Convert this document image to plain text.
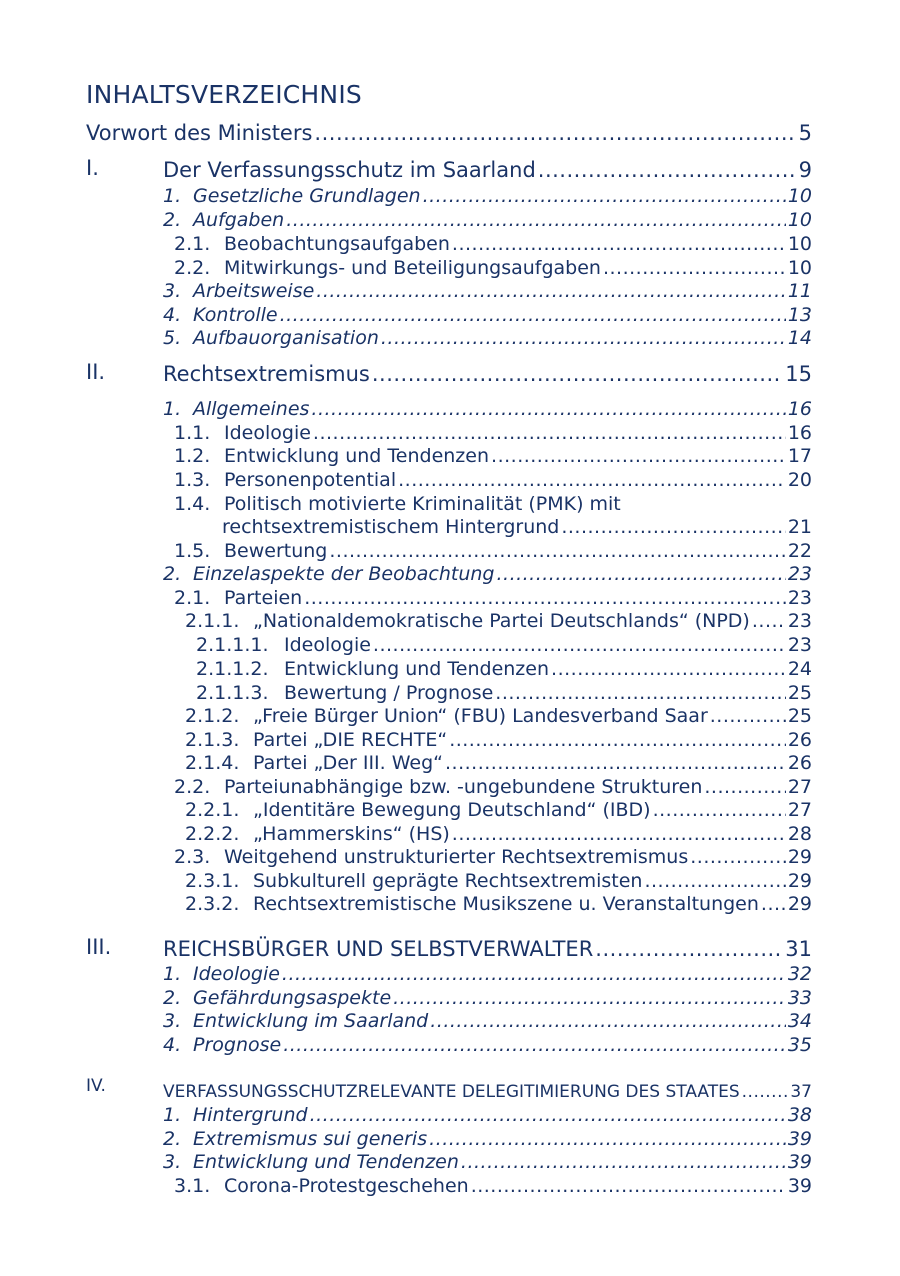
INHALTSVERZEICHNIS
Vorwort des Ministers .....	5
I.	Der Verfassungsschutz im Saarland .....	9
1. Gesetzliche Grundlagen .....	10
2. Aufgaben .....	10
2.1. Beobachtungsaufgaben .....	10
2.2. Mitwirkungs- und Beteiligungsaufgaben .....	10
3. Arbeitsweise .....	11
4. Kontrolle .....	13
5. Aufbauorganisation .....	14
II.	Rechtsextremismus .....	15
1. Allgemeines .....	16
1.1. Ideologie .....	16
1.2. Entwicklung und Tendenzen .....	17
1.3. Personenpotential .....	20
1.4. Politisch motivierte Kriminalität (PMK) mit
rechtsextremistischem Hintergrund .....	21
1.5. Bewertung .....	22
2. Einzelaspekte der Beobachtung .....	23
2.1. Parteien .....	23
2.1.1. „Nationaldemokratische Partei Deutschlands“ (NPD) ..... 23
2.1.1.1. Ideologie .....	23
2.1.1.2. Entwicklung und Tendenzen .....	24
2.1.1.3. Bewertung / Prognose .....	25
2.1.2. „Freie Bürger Union“ (FBU) Landesverband Saar .....	25
2.1.3. Partei „DIE RECHTE“ .....	26
2.1.4. Partei „Der III. Weg“ .....	26
2.2. Parteiunabhängige bzw. -ungebundene Strukturen .....	27
2.2.1. „Identitäre Bewegung Deutschland“ (IBD) .....	27
2.2.2. „Hammerskins“ (HS) .....	28
2.3. Weitgehend unstrukturierter Rechtsextremismus .....	29
2.3.1. Subkulturell geprägte Rechtsextremisten .....	29
2.3.2. Rechtsextremistische Musikszene u. Veranstaltungen ..... 29
III. REICHSBÜRGER UND SELBSTVERWALTER .....	31
1. Ideologie .....	32
2. Gefährdungsaspekte .....	33
3. Entwicklung im Saarland .....	34
4. Prognose .....	35
IV.	VERFASSUNGSSCHUTZRELEVANTE DELEGITIMIERUNG DES STAATES .....	37
1. Hintergrund .....	38
2. Extremismus sui generis .....	39
3. Entwicklung und Tendenzen .....	39
3.1. Corona-Protestgeschehen .....	39
